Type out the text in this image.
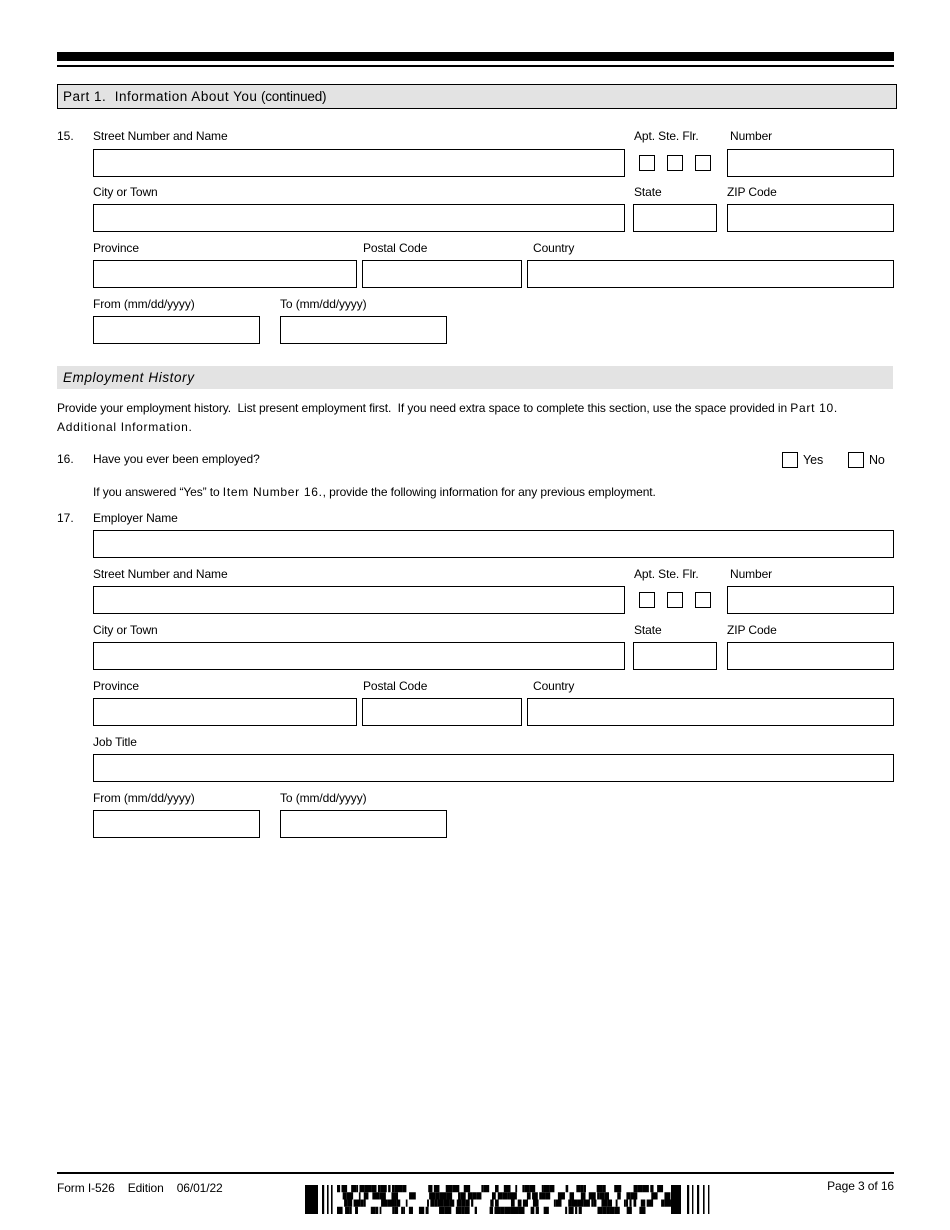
Part 1.  Information About You (continued)
15. Street Number and Name	Apt. Ste. Flr.	Number
City or Town	State	ZIP Code
Province	Postal Code	Country
From (mm/dd/yyyy)	To (mm/dd/yyyy)
Employment History
Provide your employment history.  List present employment first.  If you need extra space to complete this section, use the space provided in Part 10. Additional Information.
16. Have you ever been employed?	Yes	No
If you answered “Yes” to Item Number 16., provide the following information for any previous employment.
17. Employer Name
Street Number and Name	Apt. Ste. Flr.	Number
City or Town	State	ZIP Code
Province	Postal Code	Country
Job Title
From (mm/dd/yyyy)	To (mm/dd/yyyy)
Form I-526 Edition 06/01/22	Page 3 of 16
